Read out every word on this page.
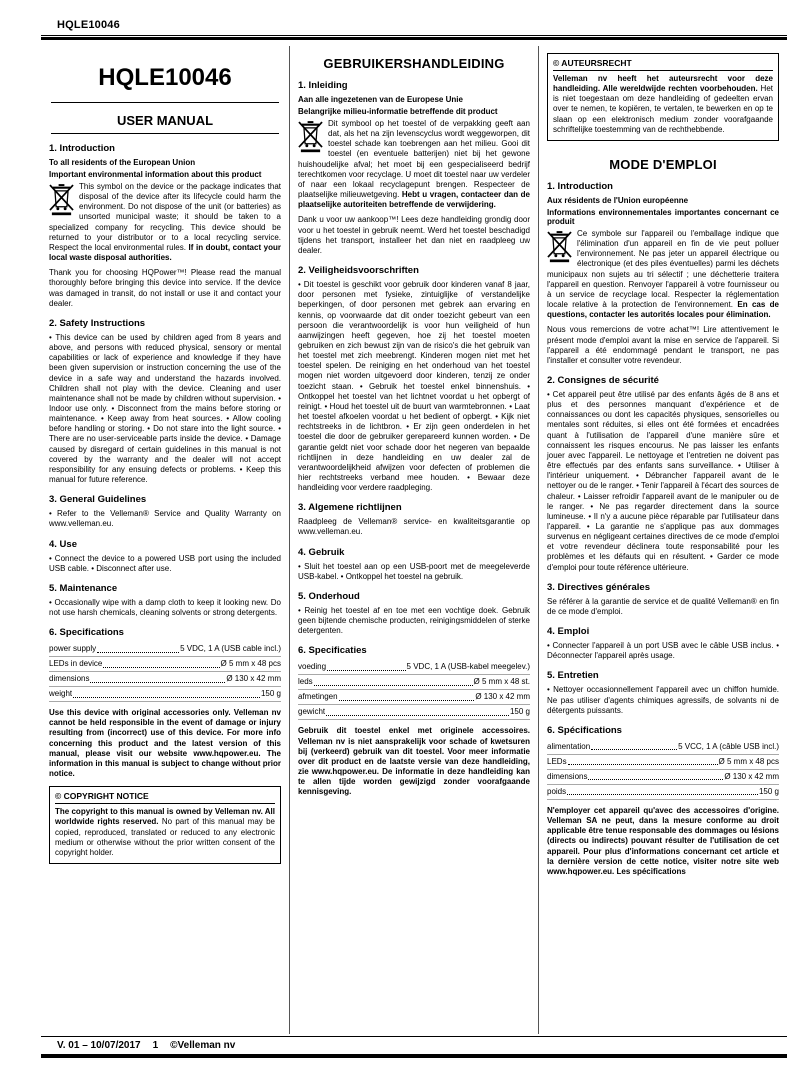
HQLE10046
HQLE10046
USER MANUAL
1. Introduction
To all residents of the European Union
Important environmental information about this product

This symbol on the device or the package indicates that disposal of the device after its lifecycle could harm the environment. Do not dispose of the unit (or batteries) as unsorted municipal waste; it should be taken to a specialized company for recycling. This device should be returned to your distributor or to a local recycling service. Respect the local environmental rules. If in doubt, contact your local waste disposal authorities.

Thank you for choosing HQPower™! Please read the manual thoroughly before bringing this device into service. If the device was damaged in transit, do not install or use it and contact your dealer.

2. Safety Instructions

• This device can be used by children aged from 8 years and above, and persons with reduced physical, sensory or mental capabilities or lack of experience and knowledge if they have been given supervision or instruction concerning the use of the device in a safe way and understand the hazards involved. Children shall not play with the device. Cleaning and user maintenance shall not be made by children without supervision. • Indoor use only. • Disconnect from the mains before storing or maintenance. • Keep away from heat sources. • Allow cooling before handling or storing. • Do not stare into the light source. • There are no user-serviceable parts inside the device. • Damage caused by disregard of certain guidelines in this manual is not covered by the warranty and the dealer will not accept responsibility for any ensuing defects or problems. • Keep this manual for future reference.

3. General Guidelines

• Refer to the Velleman® Service and Quality Warranty on www.velleman.eu.

4. Use

• Connect the device to a powered USB port using the included USB cable. • Disconnect after use.

5. Maintenance

• Occasionally wipe with a damp cloth to keep it looking new. Do not use harsh chemicals, cleaning solvents or strong detergents.

6. Specifications
power supply	5 VDC, 1 A (USB cable incl.)
LEDs in device	Ø 5 mm x 48 pcs
dimensions	Ø 130 x 42 mm
weight	150 g

Use this device with original accessories only. Velleman nv cannot be held responsible in the event of damage or injury resulting from (incorrect) use of this device. For more info concerning this product and the latest version of this manual, please visit our website www.hqpower.eu. The information in this manual is subject to change without prior notice.

© COPYRIGHT NOTICE

The copyright to this manual is owned by Velleman nv. All worldwide rights reserved. No part of this manual may be copied, reproduced, translated or reduced to any electronic medium or otherwise without the prior written consent of the copyright holder.

GEBRUIKERSHANDLEIDING
1. Inleiding
Aan alle ingezetenen van de Europese Unie
Belangrijke milieu-informatie betreffende dit product

Dit symbool op het toestel of de verpakking geeft aan dat, als het na zijn levenscyclus wordt weggeworpen, dit toestel schade kan toebrengen aan het milieu. Gooi dit toestel (en eventuele batterijen) niet bij het gewone huishoudelijke afval; het moet bij een gespecialiseerd bedrijf terechtkomen voor recyclage. U moet dit toestel naar uw verdeler of naar een lokaal recyclagepunt brengen. Respecteer de plaatselijke milieuwetgeving. Hebt u vragen, contacteer dan de plaatselijke autoriteiten betreffende de verwijdering.

Dank u voor uw aankoop™! Lees deze handleiding grondig door voor u het toestel in gebruik neemt. Werd het toestel beschadigd tijdens het transport, installeer het dan niet en raadpleeg uw dealer.

2. Veiligheidsvoorschriften

• Dit toestel is geschikt voor gebruik door kinderen vanaf 8 jaar, door personen met fysieke, zintuiglijke of verstandelijke beperkingen, of door personen met gebrek aan ervaring en kennis, op voorwaarde dat dit onder toezicht gebeurt van een persoon die verantwoordelijk is voor hun veiligheid of hun aanwijzingen heeft gegeven, hoe zij het toestel moeten gebruiken en zich bewust zijn van de risico's die het gebruik van het toestel met zich meebrengt. Kinderen mogen niet met het toestel spelen. De reiniging en het onderhoud van het toestel mogen niet worden uitgevoerd door kinderen, tenzij ze onder toezicht staan. • Gebruik het toestel enkel binnenshuis. • Ontkoppel het toestel van het lichtnet voordat u het opbergt of reinigt. • Houd het toestel uit de buurt van warmtebronnen. • Laat het toestel afkoelen voordat u het bedient of opbergt. • Kijk niet rechtstreeks in de lichtbron. • Er zijn geen onderdelen in het toestel die door de gebruiker gerepareerd kunnen worden. • De garantie geldt niet voor schade door het negeren van bepaalde richtlijnen in deze handleiding en uw dealer zal de verantwoordelijkheid afwijzen voor defecten of problemen die hier rechtstreeks verband mee houden. • Bewaar deze handleiding voor verdere raadpleging.

3. Algemene richtlijnen

Raadpleeg de Velleman® service- en kwaliteitsgarantie op www.velleman.eu.

4. Gebruik

• Sluit het toestel aan op een USB-poort met de meegeleverde USB-kabel. • Ontkoppel het toestel na gebruik.

5. Onderhoud

• Reinig het toestel af en toe met een vochtige doek. Gebruik geen bijtende chemische producten, reinigingsmiddelen of sterke detergenten.

6. Specificaties
voeding	5 VDC, 1 A (USB-kabel meegelev.)
leds	Ø 5 mm x 48 st.
afmetingen	Ø 130 x 42 mm
gewicht	150 g

Gebruik dit toestel enkel met originele accessoires. Velleman nv is niet aansprakelijk voor schade of kwetsuren bij (verkeerd) gebruik van dit toestel. Voor meer informatie over dit product en de laatste versie van deze handleiding, zie www.hqpower.eu. De informatie in deze handleiding kan te allen tijde worden gewijzigd zonder voorafgaande kennisgeving.

© AUTEURSRECHT

Velleman nv heeft het auteursrecht voor deze handleiding. Alle wereldwijde rechten voorbehouden. Het is niet toegestaan om deze handleiding of gedeelten ervan over te nemen, te kopiëren, te vertalen, te bewerken en op te slaan op een elektronisch medium zonder voorafgaande schriftelijke toestemming van de rechthebbende.

MODE D'EMPLOI
1. Introduction
Aux résidents de l'Union européenne
Informations environnementales importantes concernant ce produit

Ce symbole sur l'appareil ou l'emballage indique que l'élimination d'un appareil en fin de vie peut polluer l'environnement. Ne pas jeter un appareil électrique ou électronique (et des piles éventuelles) parmi les déchets municipaux non sujets au tri sélectif ; une déchetterie traitera l'appareil en question. Renvoyer l'appareil à votre fournisseur ou à un service de recyclage local. Respecter la réglementation locale relative à la protection de l'environnement. En cas de questions, contacter les autorités locales pour élimination.

Nous vous remercions de votre achat™! Lire attentivement le présent mode d'emploi avant la mise en service de l'appareil. Si l'appareil a été endommagé pendant le transport, ne pas l'installer et consulter votre revendeur.

2. Consignes de sécurité

• Cet appareil peut être utilisé par des enfants âgés de 8 ans et plus et des personnes manquant d'expérience et de connaissances ou dont les capacités physiques, sensorielles ou mentales sont réduites, si elles ont été formées et encadrées quant à l'utilisation de l'appareil d'une manière sûre et connaissent les risques encourus. Ne pas laisser les enfants jouer avec l'appareil. Le nettoyage et l'entretien ne doivent pas être effectués par des enfants sans surveillance. • Utiliser à l'intérieur uniquement. • Débrancher l'appareil avant de le nettoyer ou de le ranger. • Tenir l'appareil à l'écart des sources de chaleur. • Laisser refroidir l'appareil avant de le manipuler ou de le ranger. • Ne pas regarder directement dans la source lumineuse. • Il n'y a aucune pièce réparable par l'utilisateur dans l'appareil. • La garantie ne s'applique pas aux dommages survenus en négligeant certaines directives de ce mode d'emploi et votre revendeur déclinera toute responsabilité pour les problèmes et les défauts qui en résultent. • Garder ce mode d'emploi pour toute référence ultérieure.

3. Directives générales

Se référer à la garantie de service et de qualité Velleman® en fin de ce mode d'emploi.

4. Emploi

• Connecter l'appareil à un port USB avec le câble USB inclus. • Déconnecter l'appareil après usage.

5. Entretien

• Nettoyer occasionnellement l'appareil avec un chiffon humide. Ne pas utiliser d'agents chimiques agressifs, de solvants ni de détergents puissants.

6. Spécifications
alimentation	5 VCC, 1 A (câble USB incl.)
LEDs	Ø 5 mm x 48 pcs
dimensions	Ø 130 x 42 mm
poids	150 g

N'employer cet appareil qu'avec des accessoires d'origine. Velleman SA ne peut, dans la mesure conforme au droit applicable être tenue responsable des dommages ou lésions (directs ou indirects) pouvant résulter de l'utilisation de cet appareil. Pour plus d'informations concernant cet article et la dernière version de cette notice, visiter notre site web www.hqpower.eu. Les spécifications

V. 01 – 10/07/2017 1 ©Velleman nv
